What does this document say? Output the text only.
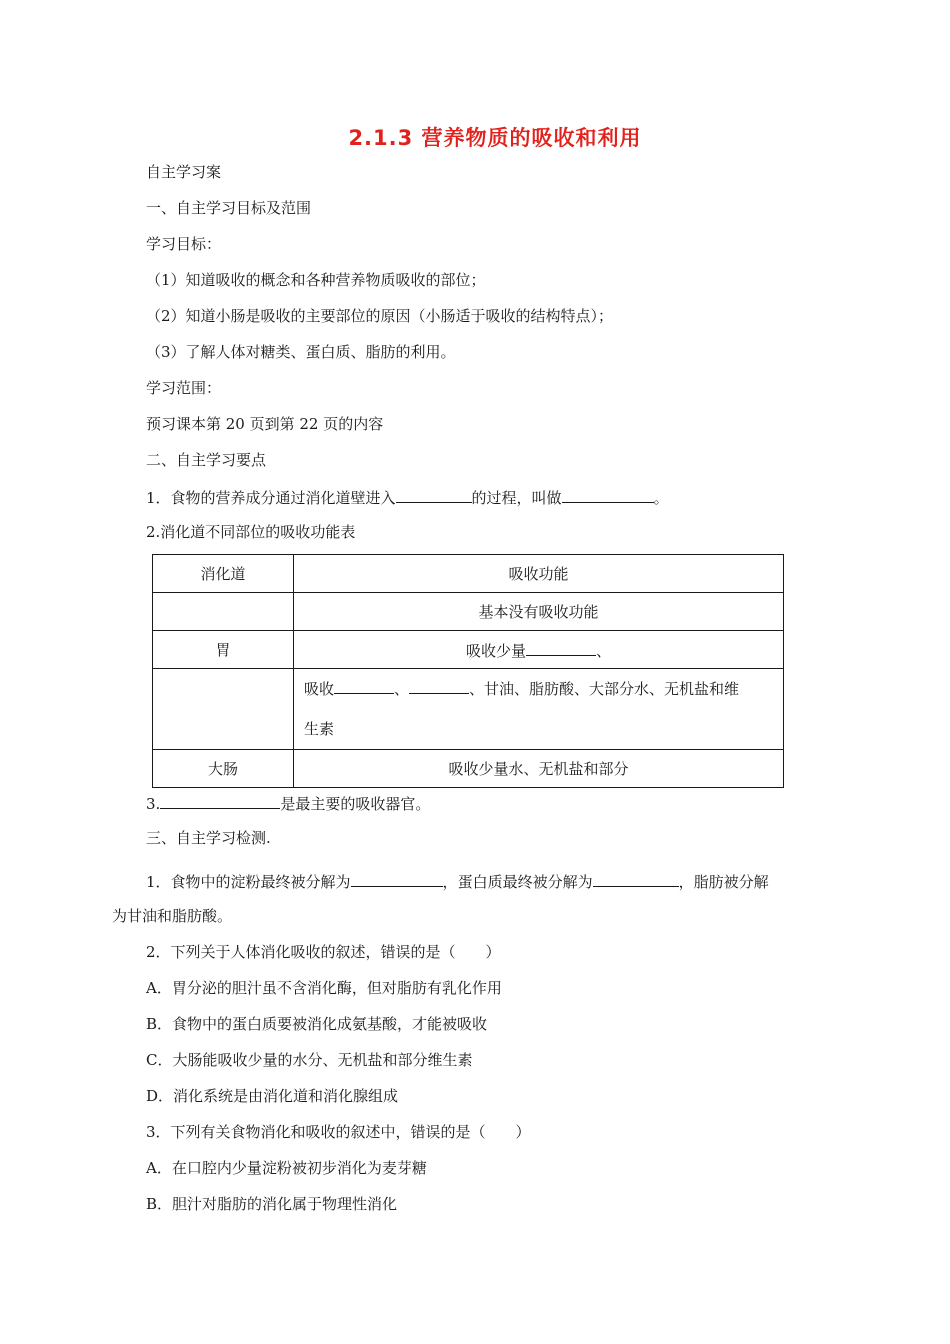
2.1.3 营养物质的吸收和利用
自主学习案
一、自主学习目标及范围
学习目标：
（1）知道吸收的概念和各种营养物质吸收的部位；
（2）知道小肠是吸收的主要部位的原因（小肠适于吸收的结构特点）；
（3）了解人体对糖类、蛋白质、脂肪的利用。
学习范围：
预习课本第 20 页到第 22 页的内容
二、自主学习要点
1．食物的营养成分通过消化道壁进入	的过程，叫做	。
2.消化道不同部位的吸收功能表
消化道	吸收功能
	基本没有吸收功能
胃	吸收少量 、
	吸收 、 、甘油、脂肪酸、大部分水、无机盐和维
生素
大肠	吸收少量水、无机盐和部分
3.	是最主要的吸收器官。
三、自主学习检测.
1．食物中的淀粉最终被分解为	，蛋白质最终被分解为	，脂肪被分解
为甘油和脂肪酸。
2．下列关于人体消化吸收的叙述，错误的是（　　）
A．胃分泌的胆汁虽不含消化酶，但对脂肪有乳化作用
B．食物中的蛋白质要被消化成氨基酸，才能被吸收
C．大肠能吸收少量的水分、无机盐和部分维生素
D．消化系统是由消化道和消化腺组成
3．下列有关食物消化和吸收的叙述中，错误的是（　　）
A．在口腔内少量淀粉被初步消化为麦芽糖
B．胆汁对脂肪的消化属于物理性消化
